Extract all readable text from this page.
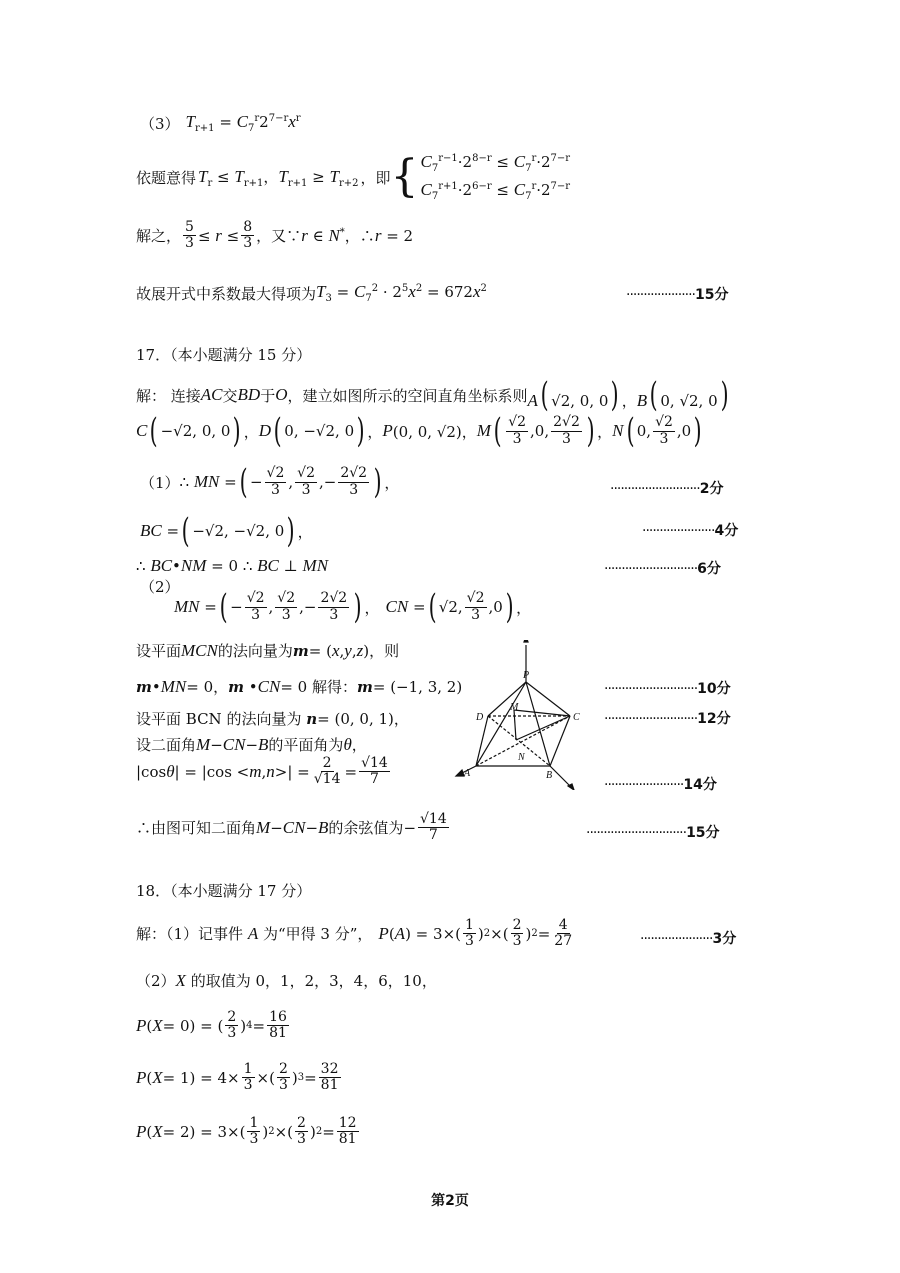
（3） $T_{r+1} = C_7^r2^{7-r}x^r$
依题意得 $T_r \le T_{r+1}$，$T_{r+1} \ge T_{r+2}$ ，即 { $C_7^{r-1}\cdot 2^{8-r} \le C_7^r\cdot 2^{7-r}$
$C_7^{r+1}\cdot 2^{6-r} \le C_7^r\cdot 2^{7-r}$
解之， $\frac{5}{3} \le r \le \frac{8}{3}$ ，又∵ r ∈ N* ，∴ r = 2
故展开式中系数最大得项为 $T_3 = C_7^2 \cdot 2^5x^2 = 672x^2$	····················15分
17．（本小题满分 15 分）
解： 连接 AC 交 BD 于 O ，建立如图所示的空间直角坐标系则 A( √2, 0, 0) ，B( 0, √2, 0)
C ( −√2, 0, 0 ) ， D ( 0, −√2, 0 ) ， P (0, 0, √2)， M ( $\frac{√2}{3} ,0$, $\frac{2√2}{3}$ ) ， N ( 0, $\frac{√2}{3} ,0$ )
（1） ∴ MN = ( − $\frac{√2}{3}$ , $\frac{√2}{3}$ ,− $\frac{2√2}{3}$ ) ，	··························2分
BC = ( −√2, −√2, 0 ) ，	·····················4分
∴ BC•NM = 0 ∴ BC ⊥ MN	···························6分
（2）
MN = ( − $\frac{√2}{3}$ , $\frac{√2}{3}$ ,− $\frac{2√2}{3}$ ) ， CN = ( √2, $\frac{√2}{3} ,0$ ) ，
设平面 MCN 的法向量为 m = ( x , y , z ) ，则
m • MN = 0， m • CN = 0 解得： m = (−1, 3, 2)	···························10分
设平面 BCN 的法向量为
n = (0, 0, 1)，	···························12分
设二面角 M − CN − B 的平面角为 θ ，
|cos θ | = |cos < m , n >| = $\frac{2}{√14} = \frac{√14}{7}$	·······················14分
∴由图可知二面角 M − CN − B 的余弦值为 − $\frac{√14}{7}$	·····························15分
P
M
D	C
N
A	B
18．（本小题满分 17 分）
解：（1）记事件
A
为“甲得 3 分”， $P(A) = 3\times( \frac{1}{3}$ ) 2 ×( $\frac{2}{3}$ ) $2 = \frac{4}{27}$	·····················3分
（2） X
的取值为 0，1，2，3，4，6，10，
P ( X = 0) = ( $\frac{2}{3}$ ) $4 = \frac{16}{81}$
P ( $X = 1) = 4\times \frac{1}{3}$ ×( $\frac{2}{3}$ ) $3 = \frac{32}{81}$
P ( $X = 2) = 3\times( \frac{1}{3}$ ) 2 ×( $\frac{2}{3}$ ) $2 = \frac{12}{81}$
第2页
